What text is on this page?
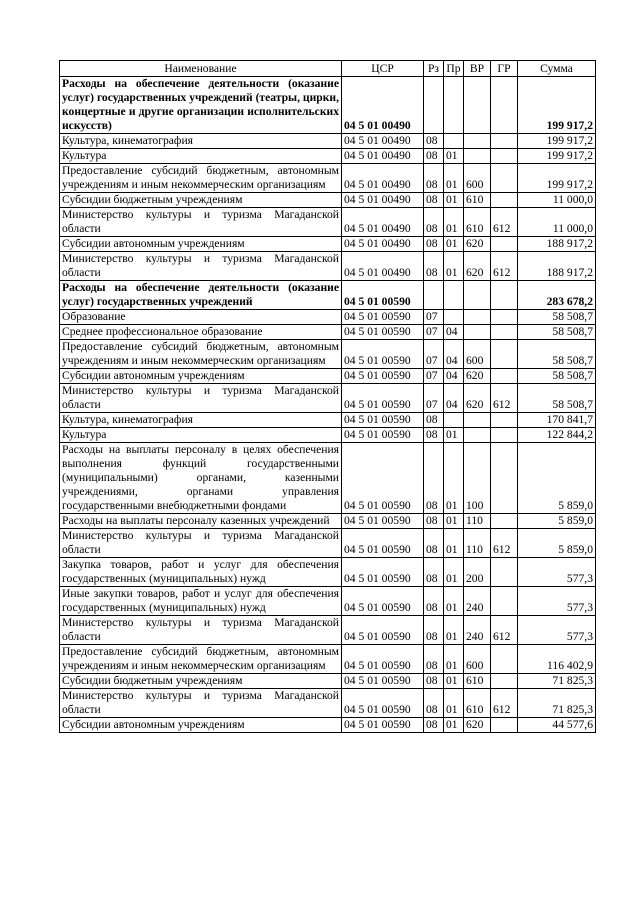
Наименование	ЦСР	Рз	Пр	ВР	ГР	Сумма
Расходы на обеспечение деятельности (оказание услуг) государственных учреждений (театры, цирки, концертные и другие организации исполнительских искусств)	04 5 01 00490					199 917,2
Культура, кинематография	04 5 01 00490	08				199 917,2
Культура	04 5 01 00490	08	01			199 917,2
Предоставление субсидий бюджетным, автономным учреждениям и иным некоммерческим организациям	04 5 01 00490	08	01	600		199 917,2
Субсидии бюджетным учреждениям	04 5 01 00490	08	01	610		11 000,0
Министерство культуры и туризма Магаданской области	04 5 01 00490	08	01	610	612	11 000,0
Субсидии автономным учреждениям	04 5 01 00490	08	01	620		188 917,2
Министерство культуры и туризма Магаданской области	04 5 01 00490	08	01	620	612	188 917,2
Расходы на обеспечение деятельности (оказание услуг) государственных учреждений	04 5 01 00590					283 678,2
Образование	04 5 01 00590	07				58 508,7
Среднее профессиональное образование	04 5 01 00590	07	04			58 508,7
Предоставление субсидий бюджетным, автономным учреждениям и иным некоммерческим организациям	04 5 01 00590	07	04	600		58 508,7
Субсидии автономным учреждениям	04 5 01 00590	07	04	620		58 508,7
Министерство культуры и туризма Магаданской области	04 5 01 00590	07	04	620	612	58 508,7
Культура, кинематография	04 5 01 00590	08				170 841,7
Культура	04 5 01 00590	08	01			122 844,2
Расходы на выплаты персоналу в целях обеспечения выполнения функций государственными (муниципальными) органами, казенными учреждениями, органами управления государственными внебюджетными фондами	04 5 01 00590	08	01	100		5 859,0
Расходы на выплаты персоналу казенных учреждений	04 5 01 00590	08	01	110		5 859,0
Министерство культуры и туризма Магаданской области	04 5 01 00590	08	01	110	612	5 859,0
Закупка товаров, работ и услуг для обеспечения государственных (муниципальных) нужд	04 5 01 00590	08	01	200		577,3
Иные закупки товаров, работ и услуг для обеспечения государственных (муниципальных) нужд	04 5 01 00590	08	01	240		577,3
Министерство культуры и туризма Магаданской области	04 5 01 00590	08	01	240	612	577,3
Предоставление субсидий бюджетным, автономным учреждениям и иным некоммерческим организациям	04 5 01 00590	08	01	600		116 402,9
Субсидии бюджетным учреждениям	04 5 01 00590	08	01	610		71 825,3
Министерство культуры и туризма Магаданской области	04 5 01 00590	08	01	610	612	71 825,3
Субсидии автономным учреждениям	04 5 01 00590	08	01	620		44 577,6
